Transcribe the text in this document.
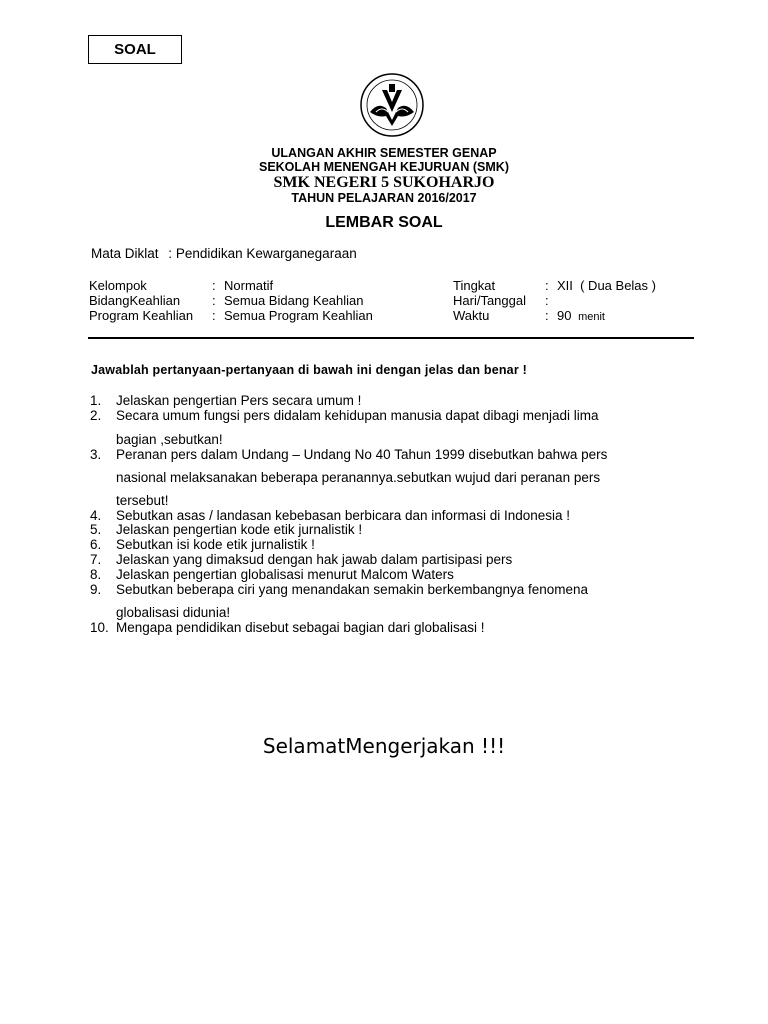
SOAL
ULANGAN AKHIR SEMESTER GENAP
SEKOLAH MENENGAH KEJURUAN (SMK)
SMK NEGERI 5 SUKOHARJO
TAHUN PELAJARAN 2016/2017
LEMBAR SOAL
Mata Diklat : Pendidikan Kewarganegaraan
Kelompok	: Normatif
BidangKeahlian : Semua Bidang Keahlian
Program Keahlian : Semua Program Keahlian
Tingkat	: XII  ( Dua Belas )
Hari/Tanggal :
Waktu	: 90 menit
Jawablah pertanyaan-pertanyaan di bawah ini dengan jelas dan benar !
1.	Jelaskan pengertian Pers secara umum !
2.	Secara umum fungsi pers didalam kehidupan manusia dapat dibagi menjadi lima
bagian ,sebutkan!
3.	Peranan pers dalam Undang – Undang No 40 Tahun 1999 disebutkan bahwa pers
nasional melaksanakan beberapa peranannya.sebutkan wujud dari peranan pers
tersebut!
4.	Sebutkan asas / landasan kebebasan berbicara dan informasi di Indonesia !
5.	Jelaskan pengertian kode etik jurnalistik !
6.	Sebutkan isi kode etik jurnalistik !
7.	Jelaskan yang dimaksud dengan hak jawab dalam partisipasi pers
8.	Jelaskan pengertian globalisasi menurut Malcom Waters
9.	Sebutkan beberapa ciri yang menandakan semakin berkembangnya fenomena
globalisasi didunia!
10. Mengapa pendidikan disebut sebagai bagian dari globalisasi !
SelamatMengerjakan !!!
